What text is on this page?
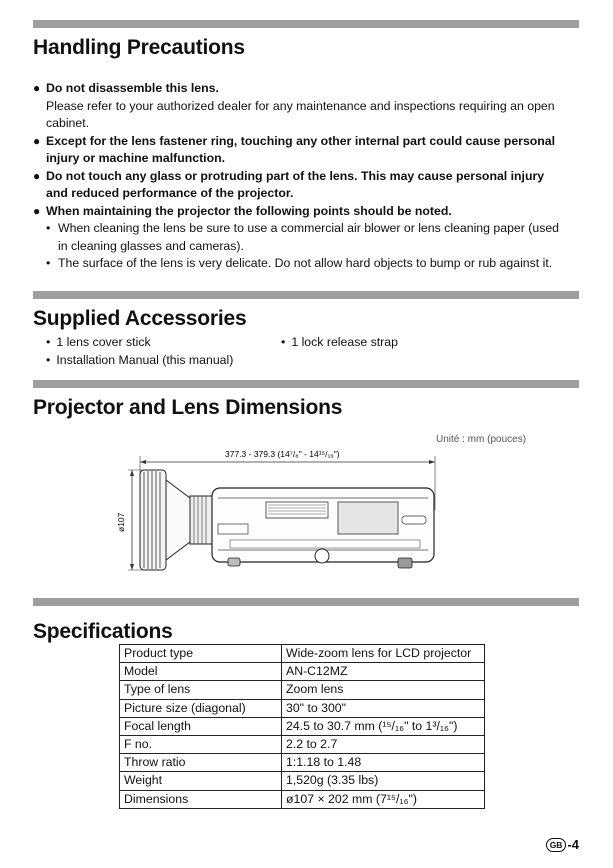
Handling Precautions
● Do not disassemble this lens.
Please refer to your authorized dealer for any maintenance and inspections requiring an open
cabinet.
● Except for the lens fastener ring, touching any other internal part could cause personal
injury or machine malfunction.
● Do not touch any glass or protruding part of the lens. This may cause personal injury
and reduced performance of the projector.
● When maintaining the projector the following points should be noted.
• When cleaning the lens be sure to use a commercial air blower or lens cleaning paper (used
in cleaning glasses and cameras).
• The surface of the lens is very delicate. Do not allow hard objects to bump or rub against it.
Supplied Accessories
• 1 lens cover stick	• 1 lock release strap
• Installation Manual (this manual)
Projector and Lens Dimensions
Unité : mm (pouces)
377.3 - 379.3 (14⁷/₈" - 14¹⁵/₁₆")
ø107
Specifications
Product type	Wide-zoom lens for LCD projector
Model	AN-C12MZ
Type of lens	Zoom lens
Picture size (diagonal)	30" to 300"
Focal length	24.5 to 30.7 mm (¹⁵/₁₆" to 1³/₁₆")
F no.	2.2 to 2.7
Throw ratio	1:1.18 to 1.48
Weight	1,520g (3.35 lbs)
Dimensions	ø107 × 202 mm (7¹⁵/₁₆")
GB -4
